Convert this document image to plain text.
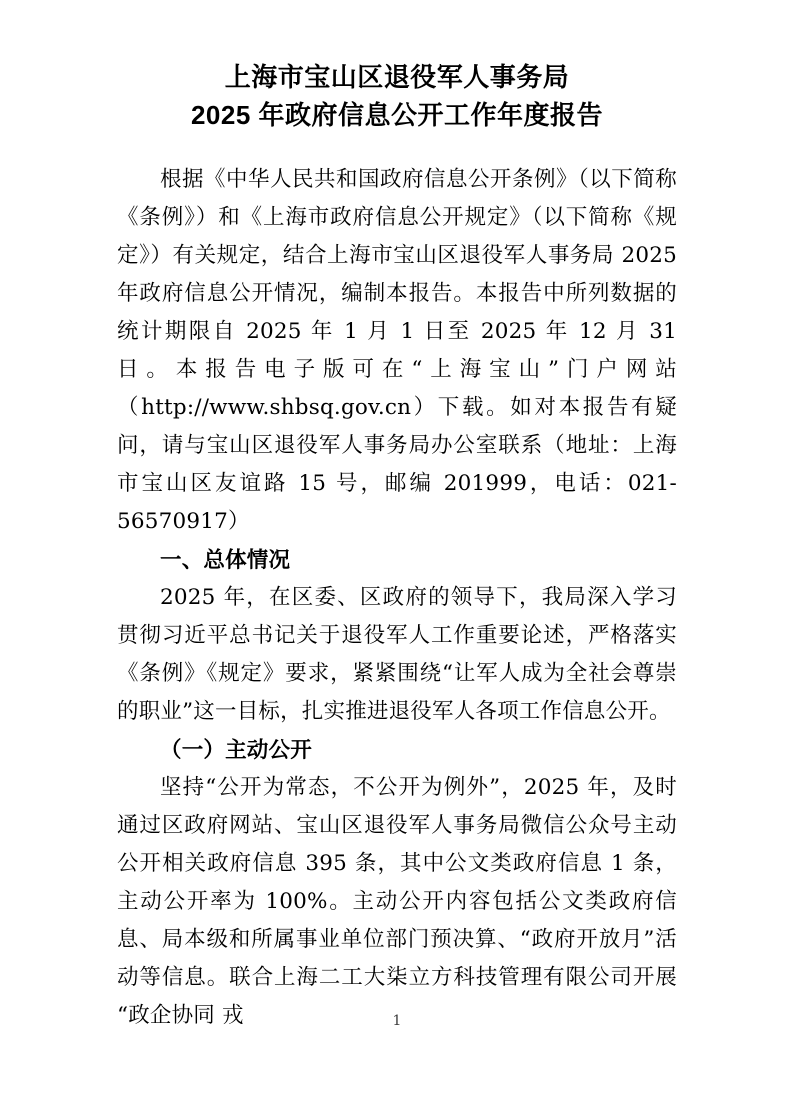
上海市宝山区退役军人事务局
2025 年政府信息公开工作年度报告

根据《中华人民共和国政府信息公开条例》（以下简称《条例》）和《上海市政府信息公开规定》（以下简称《规定》）有关规定，结合上海市宝山区退役军人事务局 2025 年政府信息公开情况，编制本报告。本报告中所列数据的统计期限自 2025 年 1 月 1 日至 2025 年 12 月 31 日。本报告电子版可在“上海宝山”门户网站（http://www.shbsq.gov.cn）下载。如对本报告有疑问，请与宝山区退役军人事务局办公室联系（地址：上海市宝山区友谊路 15 号，邮编 201999，电话：021-56570917）

一、总体情况

2025 年，在区委、区政府的领导下，我局深入学习贯彻习近平总书记关于退役军人工作重要论述，严格落实《条例》《规定》要求，紧紧围绕“让军人成为全社会尊崇的职业”这一目标，扎实推进退役军人各项工作信息公开。

（一）主动公开

坚持“公开为常态，不公开为例外”，2025 年，及时通过区政府网站、宝山区退役军人事务局微信公众号主动公开相关政府信息 395 条，其中公文类政府信息 1 条，主动公开率为 100%。主动公开内容包括公文类政府信息、局本级和所属事业单位部门预决算、“政府开放月”活动等信息。联合上海二工大柒立方科技管理有限公司开展“政企协同 戎	1
